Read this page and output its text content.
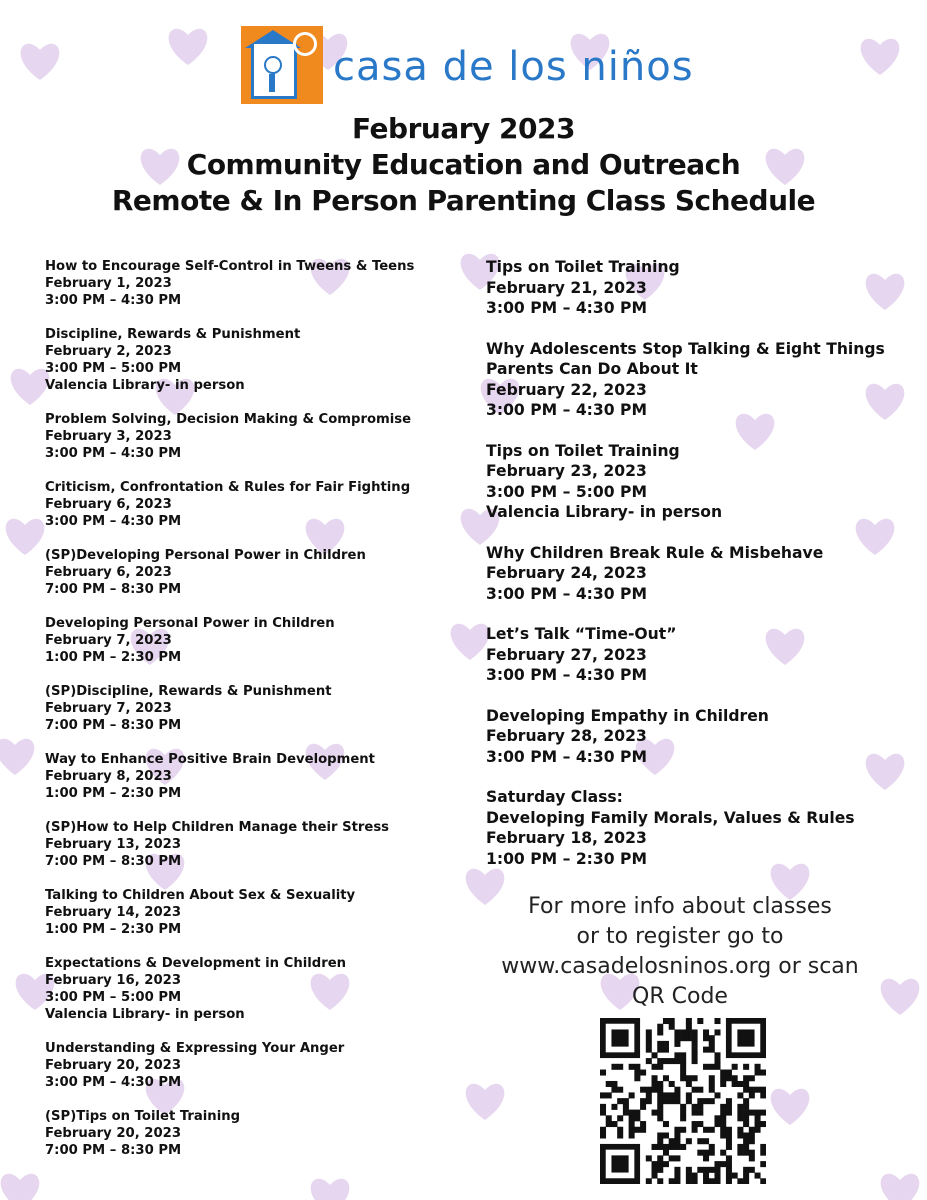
casa de los niños
February 2023
Community Education and Outreach
Remote & In Person Parenting Class Schedule
How to Encourage Self-Control in Tweens & Teens
February 1, 2023
3:00 PM – 4:30 PM
Discipline, Rewards & Punishment
February 2, 2023
3:00 PM – 5:00 PM
Valencia Library- in person
Problem Solving, Decision Making & Compromise
February 3, 2023
3:00 PM – 4:30 PM
Criticism, Confrontation & Rules for Fair Fighting
February 6, 2023
3:00 PM – 4:30 PM
(SP)Developing Personal Power in Children
February 6, 2023
7:00 PM – 8:30 PM
Developing Personal Power in Children
February 7, 2023
1:00 PM – 2:30 PM
(SP)Discipline, Rewards & Punishment
February 7, 2023
7:00 PM – 8:30 PM
Way to Enhance Positive Brain Development
February 8, 2023
1:00 PM – 2:30 PM
(SP)How to Help Children Manage their Stress
February 13, 2023
7:00 PM – 8:30 PM
Talking to Children About Sex & Sexuality
February 14, 2023
1:00 PM – 2:30 PM
Expectations & Development in Children
February 16, 2023
3:00 PM – 5:00 PM
Valencia Library- in person
Understanding & Expressing Your Anger
February 20, 2023
3:00 PM – 4:30 PM
(SP)Tips on Toilet Training
February 20, 2023
7:00 PM – 8:30 PM
Tips on Toilet Training
February 21, 2023
3:00 PM – 4:30 PM
Why Adolescents Stop Talking & Eight Things
Parents Can Do About It
February 22, 2023
3:00 PM – 4:30 PM
Tips on Toilet Training
February 23, 2023
3:00 PM – 5:00 PM
Valencia Library- in person
Why Children Break Rule & Misbehave
February 24, 2023
3:00 PM – 4:30 PM
Let’s Talk “Time-Out”
February 27, 2023
3:00 PM – 4:30 PM
Developing Empathy in Children
February 28, 2023
3:00 PM – 4:30 PM
Saturday Class:
Developing Family Morals, Values & Rules
February 18, 2023
1:00 PM – 2:30 PM
For more info about classes
or to register go to
www.casadelosninos.org or scan
QR Code
